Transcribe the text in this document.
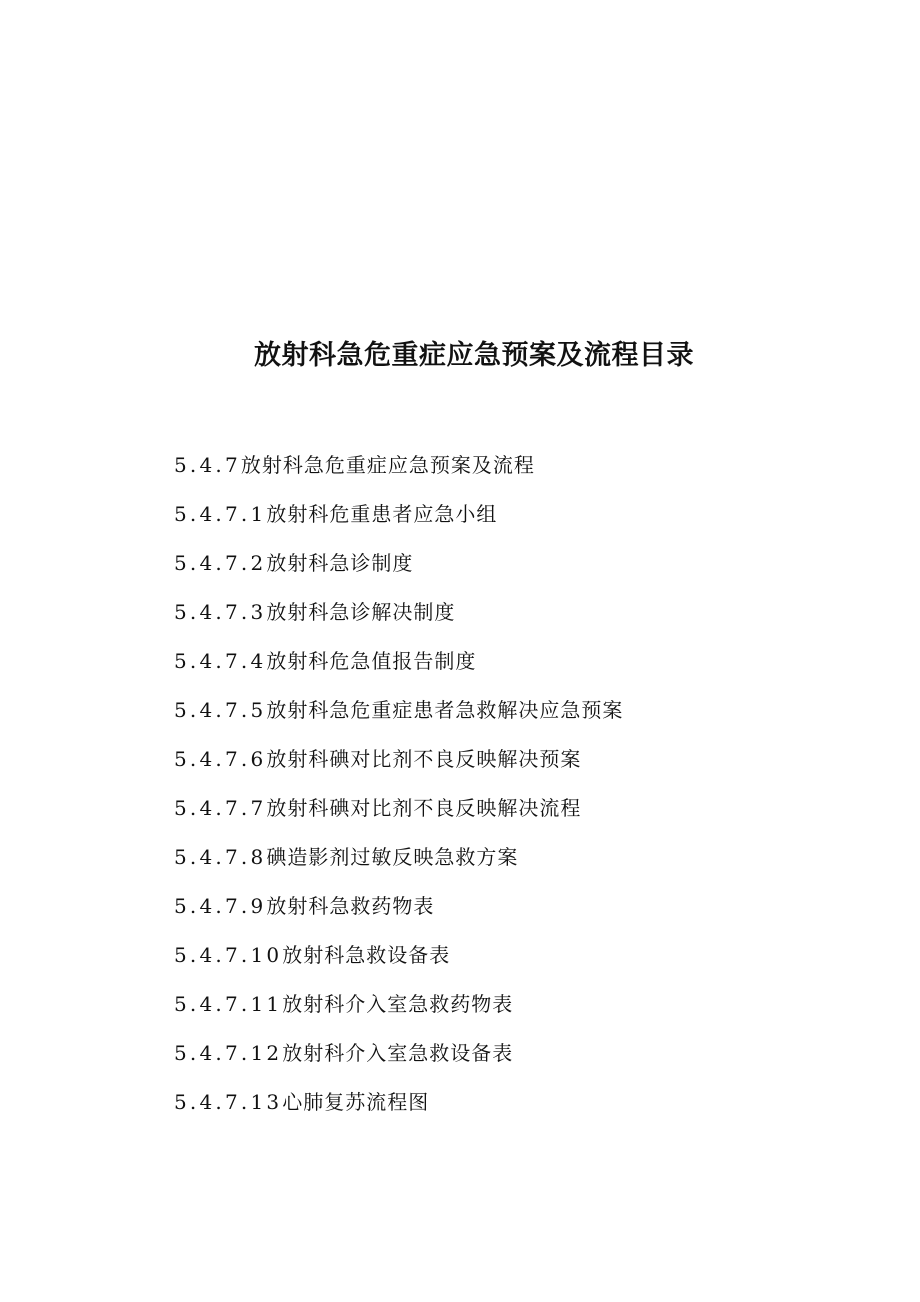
放射科急危重症应急预案及流程目录
5.4.7放射科急危重症应急预案及流程
5.4.7.1放射科危重患者应急小组
5.4.7.2放射科急诊制度
5.4.7.3放射科急诊解决制度
5.4.7.4放射科危急值报告制度
5.4.7.5放射科急危重症患者急救解决应急预案
5.4.7.6放射科碘对比剂不良反映解决预案
5.4.7.7放射科碘对比剂不良反映解决流程
5.4.7.8碘造影剂过敏反映急救方案
5.4.7.9放射科急救药物表
5.4.7.10放射科急救设备表
5.4.7.11放射科介入室急救药物表
5.4.7.12放射科介入室急救设备表
5.4.7.13心肺复苏流程图
